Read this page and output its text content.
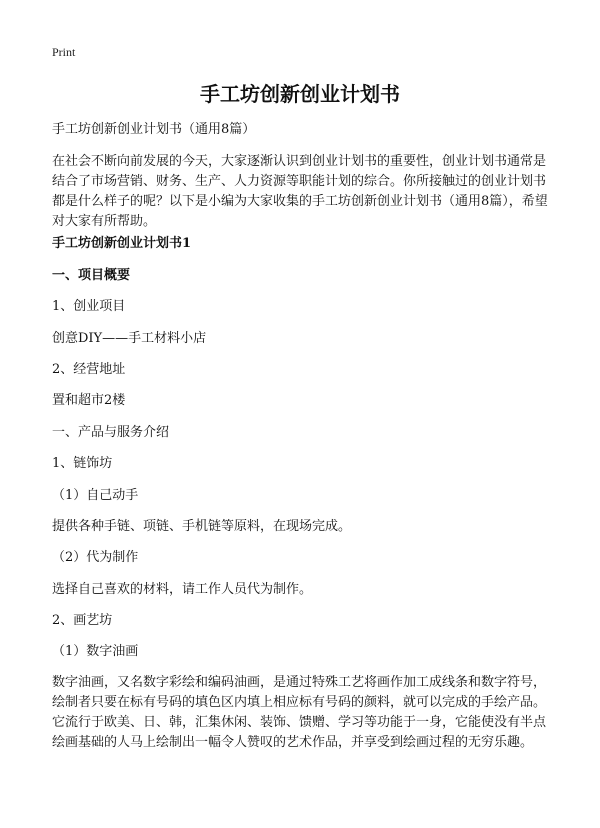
Print
手工坊创新创业计划书
手工坊创新创业计划书（通用8篇）
在社会不断向前发展的今天，大家逐渐认识到创业计划书的重要性，创业计划书通常是结合了市场营销、财务、生产、人力资源等职能计划的综合。你所接触过的创业计划书都是什么样子的呢？以下是小编为大家收集的手工坊创新创业计划书（通用8篇），希望对大家有所帮助。
手工坊创新创业计划书1
一、项目概要
1、创业项目
创意DIY——手工材料小店
2、经营地址
置和超市2楼
一、产品与服务介绍
1、链饰坊
（1）自己动手
提供各种手链、项链、手机链等原料，在现场完成。
（2）代为制作
选择自己喜欢的材料，请工作人员代为制作。
2、画艺坊
（1）数字油画
数字油画，又名数字彩绘和编码油画，是通过特殊工艺将画作加工成线条和数字符号，绘制者只要在标有号码的填色区内填上相应标有号码的颜料，就可以完成的手绘产品。它流行于欧美、日、韩，汇集休闲、装饰、馈赠、学习等功能于一身，它能使没有半点绘画基础的人马上绘制出一幅令人赞叹的艺术作品，并享受到绘画过程的无穷乐趣。
